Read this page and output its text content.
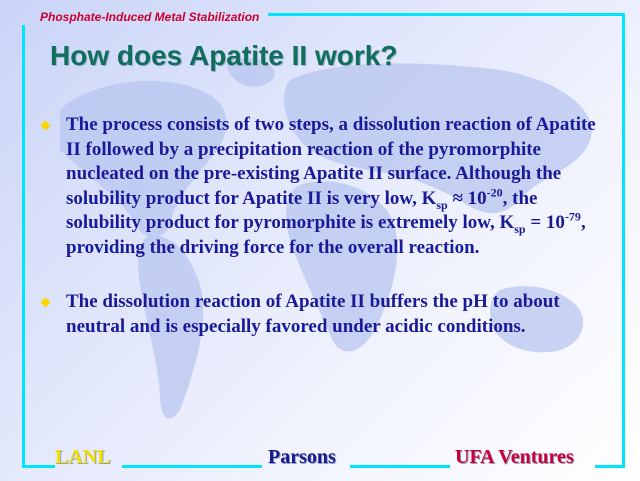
Phosphate-Induced Metal Stabilization
How does Apatite II work?
The process consists of two steps, a dissolution reaction of Apatite II followed by a precipitation reaction of the pyromorphite nucleated on the pre-existing Apatite II surface. Although the solubility product for Apatite II is very low, $K_{sp} \approx 10^{-20}$, the solubility product for pyromorphite is extremely low, $K_{sp} = 10^{-79}$, providing the driving force for the overall reaction.
The dissolution reaction of Apatite II buffers the pH to about neutral and is especially favored under acidic conditions.
LANL	Parsons	UFA Ventures
